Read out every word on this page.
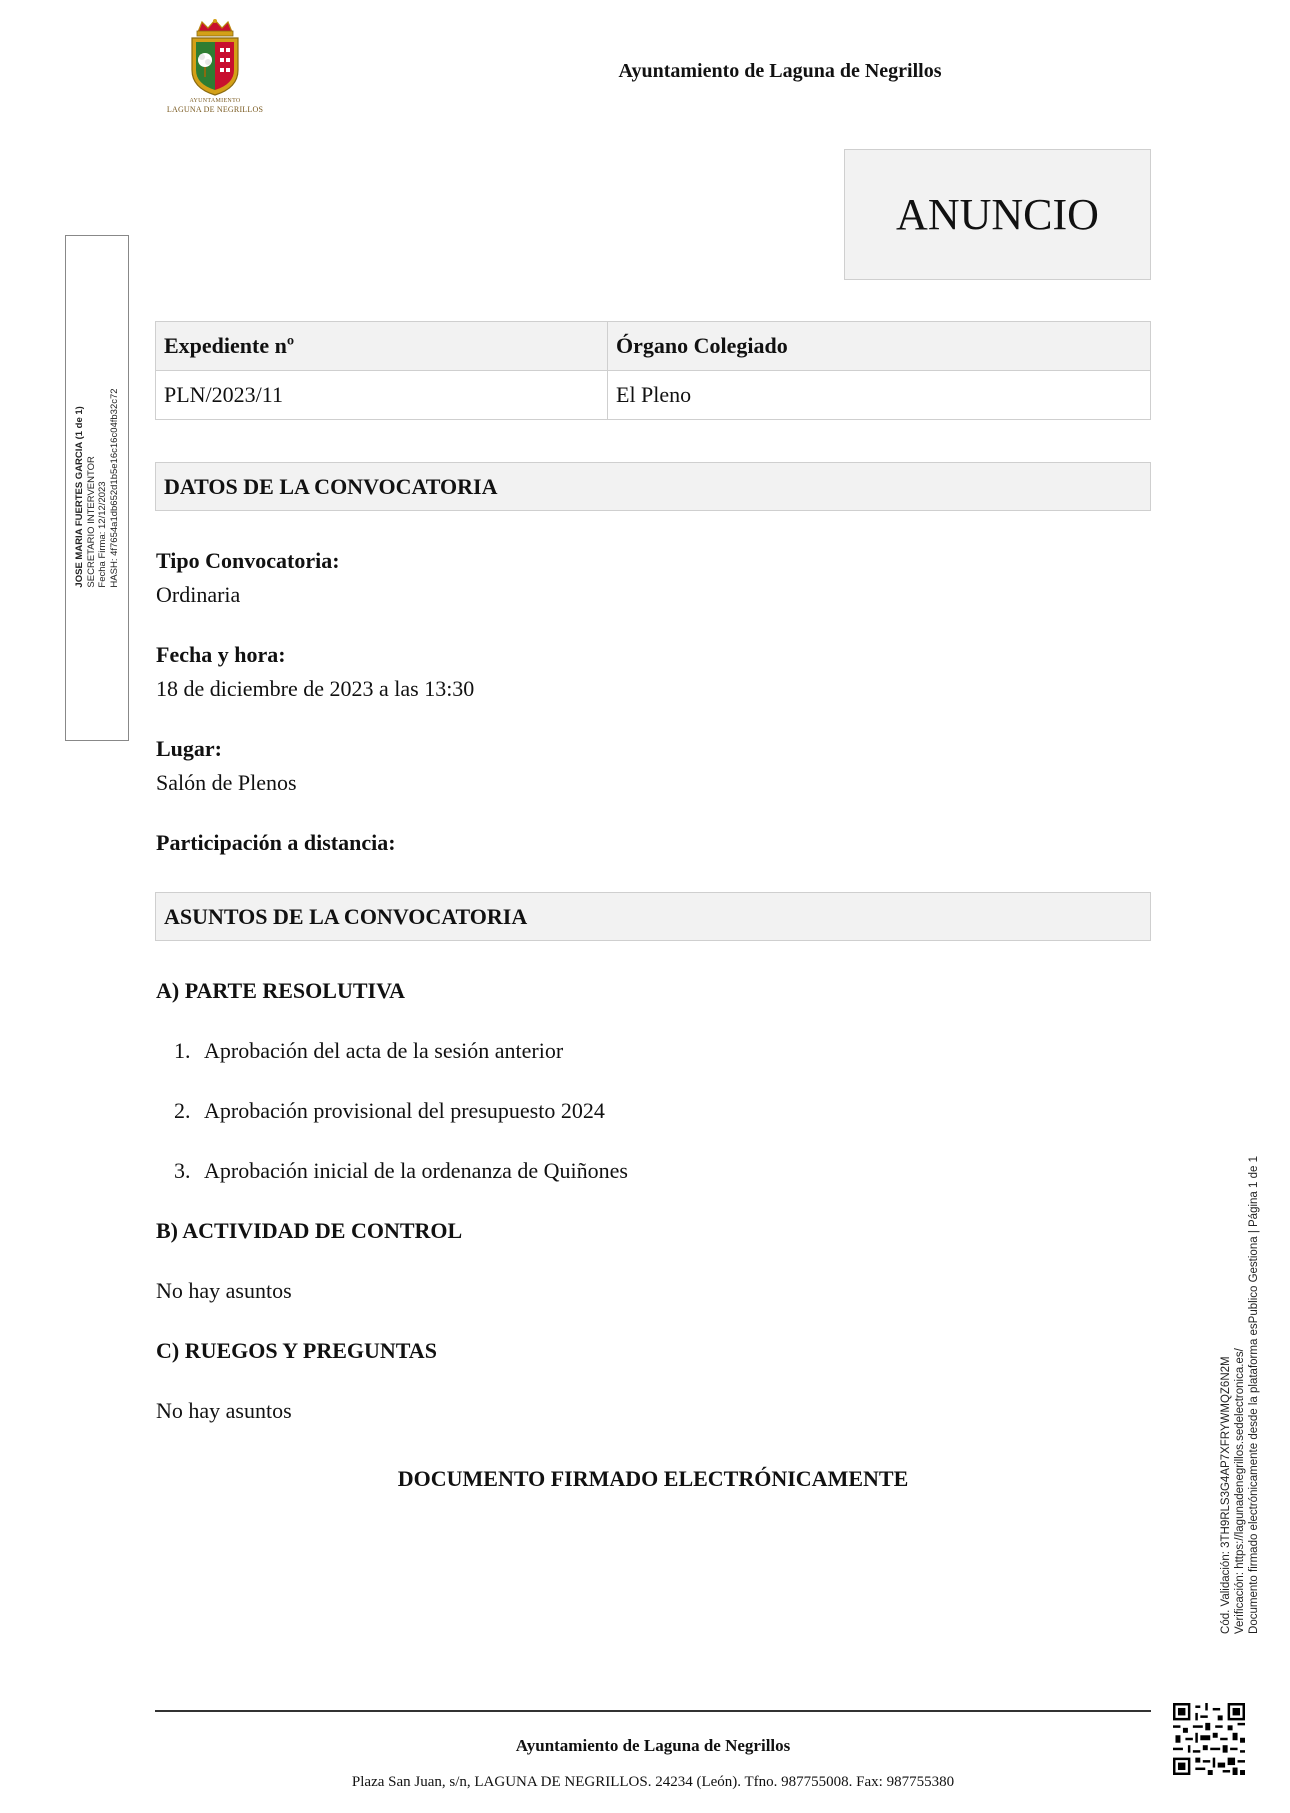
AYUNTAMIENTO
LAGUNA DE NEGRILLOS
Ayuntamiento de Laguna de Negrillos
ANUNCIO
JOSE MARIA FUERTES GARCIA (1 de 1) SECRETARIO INTERVENTOR Fecha Firma: 12/12/2023 HASH: 4f7654a1db652d1b5e16c16c04fb32c72
Expediente nº	Órgano Colegiado
PLN/2023/11	El Pleno
DATOS DE LA CONVOCATORIA
Tipo Convocatoria:
Ordinaria
Fecha y hora:
18 de diciembre de 2023 a las 13:30
Lugar:
Salón de Plenos
Participación a distancia:
ASUNTOS DE LA CONVOCATORIA
A) PARTE RESOLUTIVA
1. Aprobación del acta de la sesión anterior
2. Aprobación provisional del presupuesto 2024
3. Aprobación inicial de la ordenanza de Quiñones
B) ACTIVIDAD DE CONTROL
No hay asuntos
C) RUEGOS Y PREGUNTAS
No hay asuntos
DOCUMENTO FIRMADO ELECTRÓNICAMENTE	Cód. Validación: 3TH9RLS3G4AP7XFRYWMQZ6N2M Verificación: https://lagunadenegrillos.sedelectronica.es/ Documento firmado electrónicamente desde la plataforma esPublico Gestiona | Página 1 de 1
Ayuntamiento de Laguna de Negrillos
Plaza San Juan, s/n, LAGUNA DE NEGRILLOS. 24234 (León). Tfno. 987755008. Fax: 987755380
